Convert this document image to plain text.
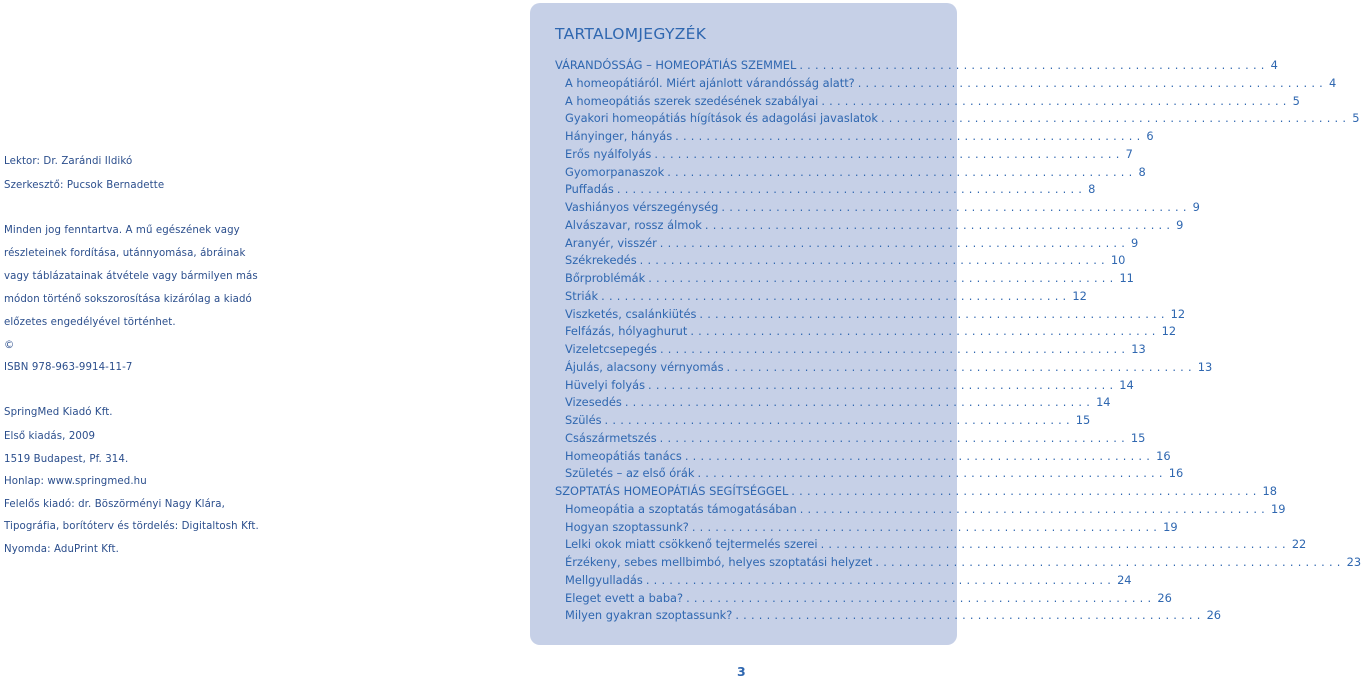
Lektor: Dr. Zarándi Ildikó
Szerkesztő: Pucsok Bernadette
Minden jog fenntartva. A mű egészének vagy
részleteinek fordítása, utánnyomása, ábráinak
vagy táblázatainak átvétele vagy bármilyen más
módon történő sokszorosítása kizárólag a kiadó
előzetes engedélyével történhet.
©
ISBN 978-963-9914-11-7
SpringMed Kiadó Kft.
Első kiadás, 2009
1519 Budapest, Pf. 314.
Honlap: www.springmed.hu
Felelős kiadó: dr. Böszörményi Nagy Klára,
Tipográfia, borítóterv és tördelés: Digitaltosh Kft.
Nyomda: AduPrint Kft.
TARTALOMJEGYZÉK
VÁRANDÓSSÁG – HOMEOPÁTIÁS SZEMMEL ............................................................ 4
A homeopátiáról. Miért ajánlott várandósság alatt? ............................................................ 4
A homeopátiás szerek szedésének szabályai ............................................................ 5
Gyakori homeopátiás hígítások és adagolási javaslatok ............................................................ 5
Hányinger, hányás ............................................................ 6
Erős nyálfolyás ............................................................ 7
Gyomorpanaszok ............................................................ 8
Puffadás ............................................................ 8
Vashiányos vérszegénység ............................................................ 9
Alvászavar, rossz álmok ............................................................ 9
Aranyér, visszér ............................................................ 9
Székrekedés ............................................................ 10
Bőrproblémák ............................................................ 11
Striák ............................................................ 12
Viszketés, csalánkiütés ............................................................ 12
Felfázás, hólyaghurut ............................................................ 12
Vizeletcsepegés ............................................................ 13
Ájulás, alacsony vérnyomás ............................................................ 13
Hüvelyi folyás ............................................................ 14
Vizesedés ............................................................ 14
Szülés ............................................................ 15
Császármetszés ............................................................ 15
Homeopátiás tanács ............................................................ 16
Születés – az első órák ............................................................ 16
SZOPTATÁS HOMEOPÁTIÁS SEGÍTSÉGGEL ............................................................ 18
Homeopátia a szoptatás támogatásában ............................................................ 19
Hogyan szoptassunk? ............................................................ 19
Lelki okok miatt csökkenő tejtermelés szerei ............................................................ 22
Érzékeny, sebes mellbimbó, helyes szoptatási helyzet ............................................................ 23
Mellgyulladás ............................................................ 24
Eleget evett a baba? ............................................................ 26
Milyen gyakran szoptassunk? ............................................................ 26
3
